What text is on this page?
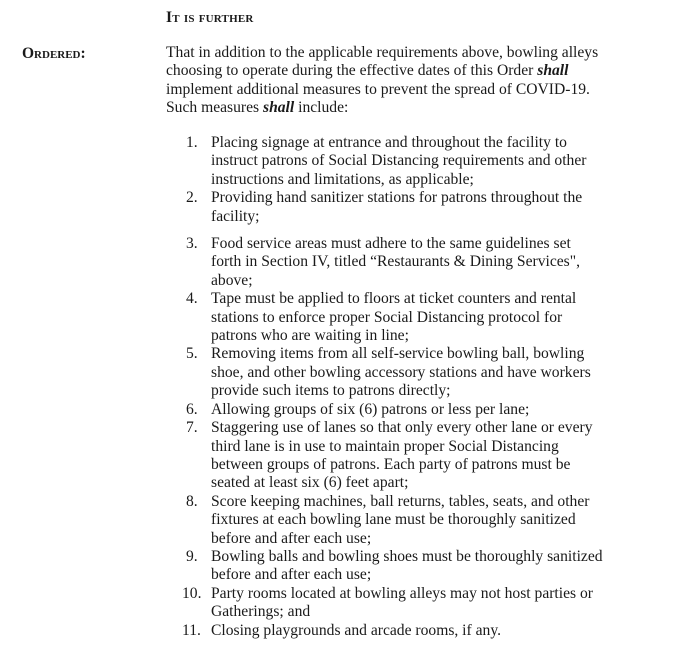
It is further
Ordered:	That in addition to the applicable requirements above, bowling alleys
choosing to operate during the effective dates of this Order shall
implement additional measures to prevent the spread of COVID-19.
Such measures shall include:
1. Placing signage at entrance and throughout the facility to
instruct patrons of Social Distancing requirements and other
instructions and limitations, as applicable;
2. Providing hand sanitizer stations for patrons throughout the
facility;
3. Food service areas must adhere to the same guidelines set
forth in Section IV, titled “Restaurants & Dining Services",
above;
4. Tape must be applied to floors at ticket counters and rental
stations to enforce proper Social Distancing protocol for
patrons who are waiting in line;
5. Removing items from all self-service bowling ball, bowling
shoe, and other bowling accessory stations and have workers
provide such items to patrons directly;
6. Allowing groups of six (6) patrons or less per lane;
7. Staggering use of lanes so that only every other lane or every
third lane is in use to maintain proper Social Distancing
between groups of patrons. Each party of patrons must be
seated at least six (6) feet apart;
8. Score keeping machines, ball returns, tables, seats, and other
fixtures at each bowling lane must be thoroughly sanitized
before and after each use;
9. Bowling balls and bowling shoes must be thoroughly sanitized
before and after each use;
10. Party rooms located at bowling alleys may not host parties or
Gatherings; and
11. Closing playgrounds and arcade rooms, if any.
